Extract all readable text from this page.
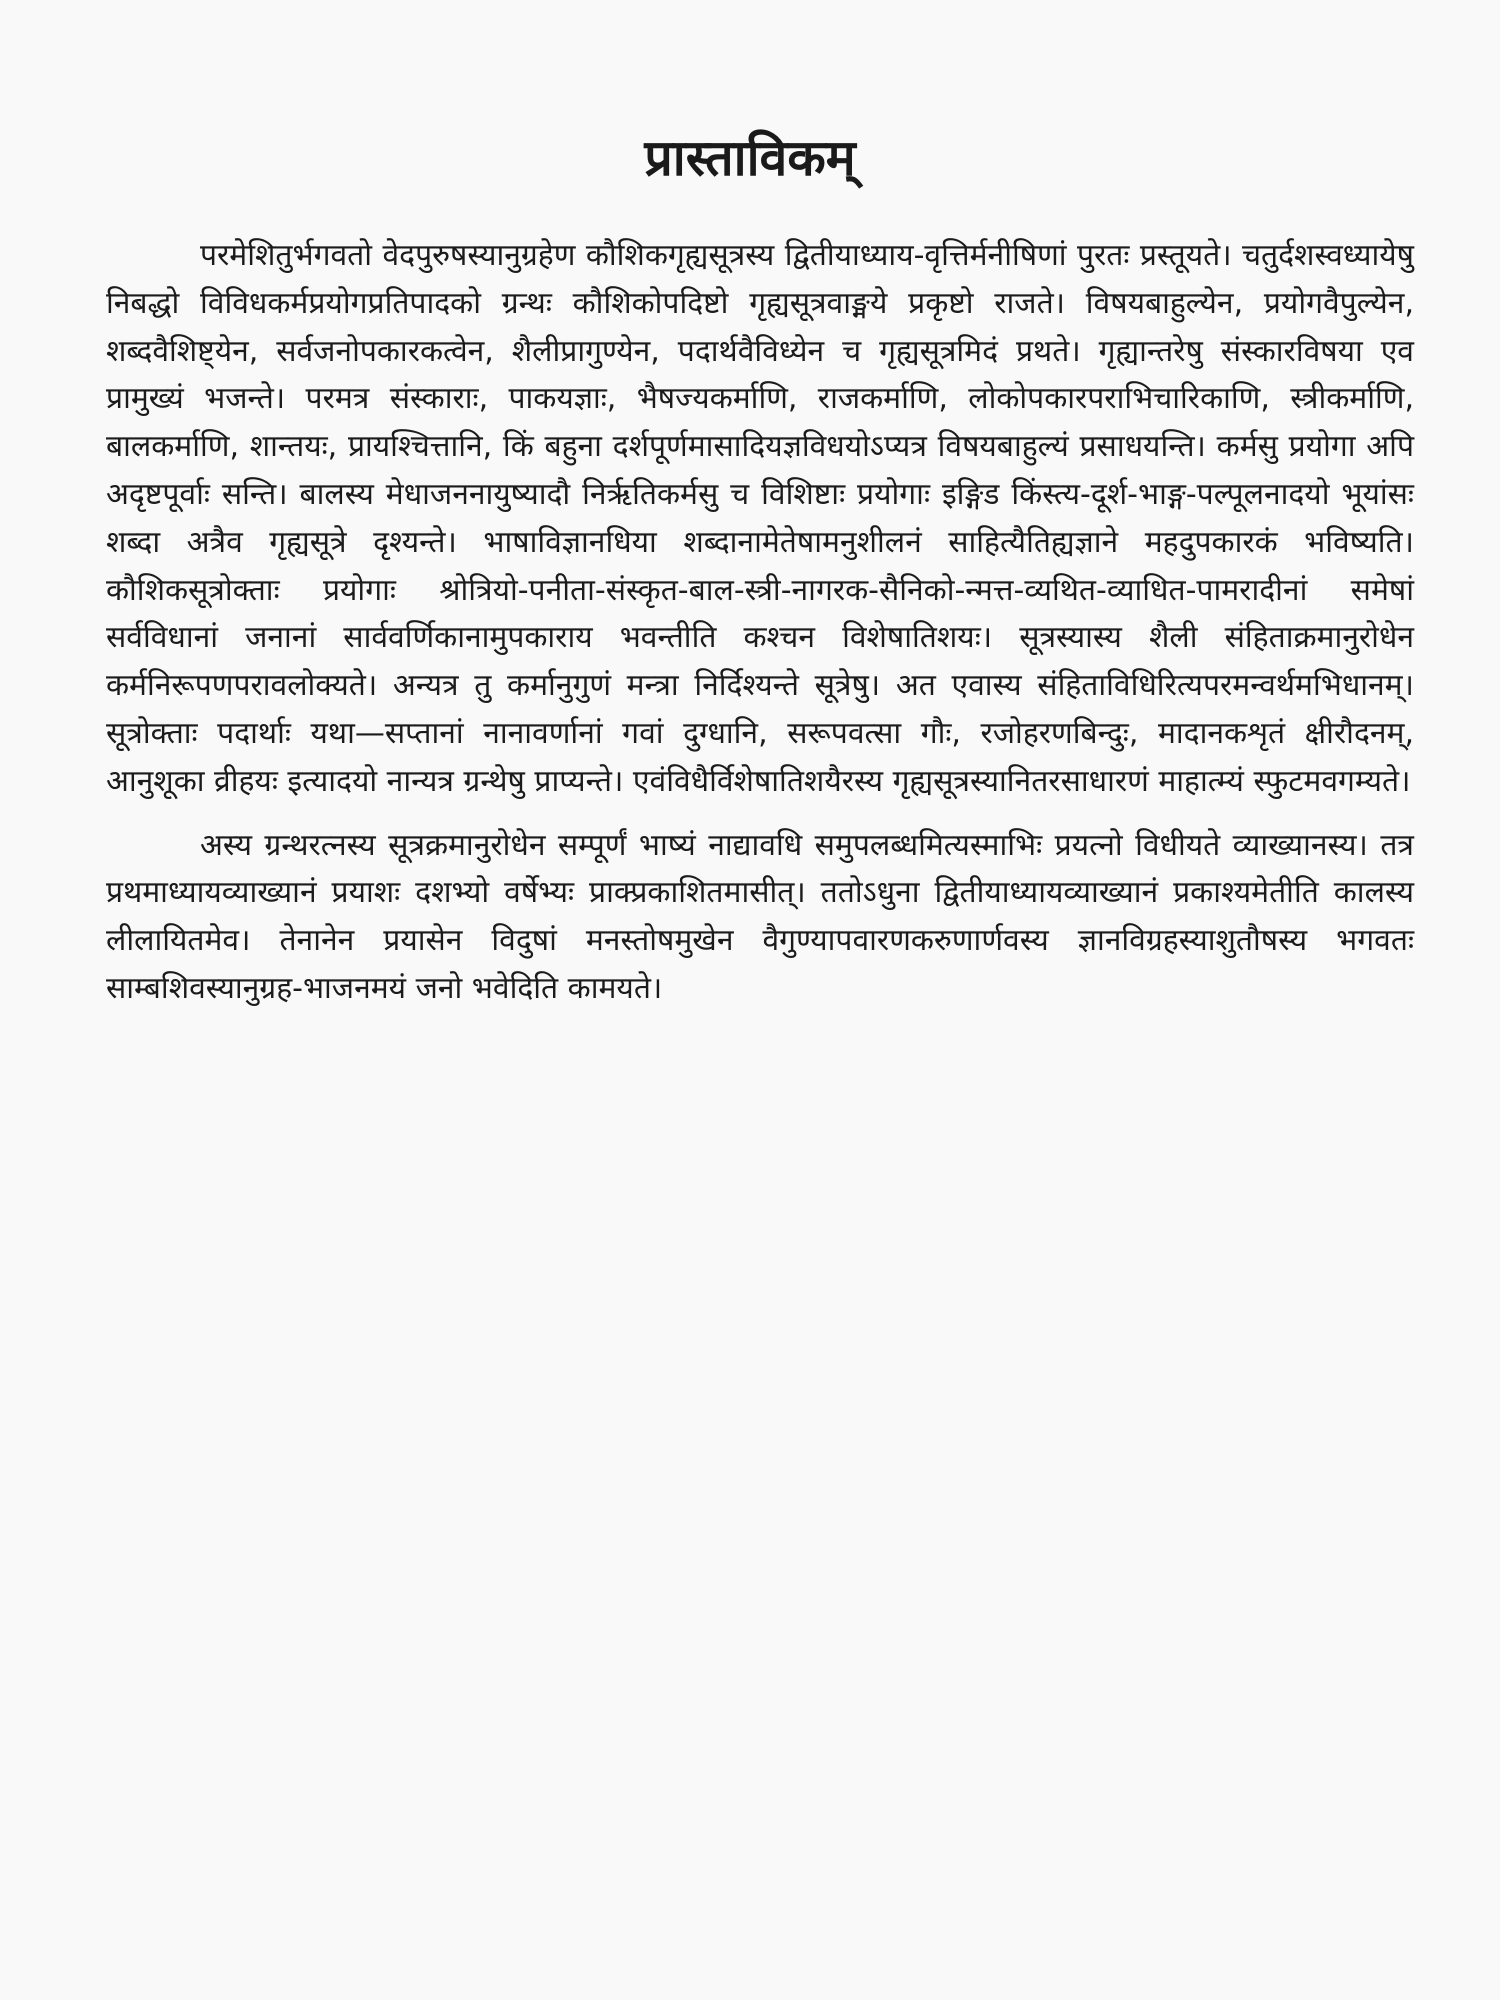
प्रास्ताविकम्

परमेशितुर्भगवतो वेदपुरुषस्यानुग्रहेण कौशिकगृह्यसूत्रस्य द्वितीयाध्याय-वृत्तिर्मनीषिणां पुरतः प्रस्तूयते। चतुर्दशस्वध्यायेषु निबद्धो विविधकर्मप्रयोगप्रतिपादको ग्रन्थः कौशिकोपदिष्टो गृह्यसूत्रवाङ्मये प्रकृष्टो राजते। विषयबाहुल्येन, प्रयोगवैपुल्येन, शब्दवैशिष्ट्येन, सर्वजनोपकारकत्वेन, शैलीप्रागुण्येन, पदार्थवैविध्येन च गृह्यसूत्रमिदं प्रथते। गृह्यान्तरेषु संस्कारविषया एव प्रामुख्यं भजन्ते। परमत्र संस्काराः, पाकयज्ञाः, भैषज्यकर्माणि, राजकर्माणि, लोकोपकारपराभिचारिकाणि, स्त्रीकर्माणि, बालकर्माणि, शान्तयः, प्रायश्चित्तानि, किं बहुना दर्शपूर्णमासादियज्ञविधयोऽप्यत्र विषयबाहुल्यं प्रसाधयन्ति। कर्मसु प्रयोगा अपि अदृष्टपूर्वाः सन्ति। बालस्य मेधाजननायुष्यादौ निर्ऋतिकर्मसु च विशिष्टाः प्रयोगाः इङ्गिड किंस्त्य-दूर्श-भाङ्ग-पल्पूलनादयो भूयांसः शब्दा अत्रैव गृह्यसूत्रे दृश्यन्ते। भाषाविज्ञानधिया शब्दानामेतेषामनुशीलनं साहित्यैतिह्यज्ञाने महदुपकारकं भविष्यति। कौशिकसूत्रोक्ताः प्रयोगाः श्रोत्रियो-पनीता-संस्कृत-बाल-स्त्री-नागरक-सैनिको-न्मत्त-व्यथित-व्याधित-पामरादीनां समेषां सर्वविधानां जनानां सार्ववर्णिकानामुपकाराय भवन्तीति कश्चन विशेषातिशयः। सूत्रस्यास्य शैली संहिताक्रमानुरोधेन कर्मनिरूपणपरावलोक्यते। अन्यत्र तु कर्मानुगुणं मन्त्रा निर्दिश्यन्ते सूत्रेषु। अत एवास्य संहिताविधिरित्यपरमन्वर्थमभिधानम्। सूत्रोक्ताः पदार्थाः यथा—सप्तानां नानावर्णानां गवां दुग्धानि, सरूपवत्सा गौः, रजोहरणबिन्दुः, मादानकशृतं क्षीरौदनम्, आनुशूका व्रीहयः इत्यादयो नान्यत्र ग्रन्थेषु प्राप्यन्ते। एवंविधैर्विशेषातिशयैरस्य गृह्यसूत्रस्यानितरसाधारणं माहात्म्यं स्फुटमवगम्यते।

अस्य ग्रन्थरत्नस्य सूत्रक्रमानुरोधेन सम्पूर्णं भाष्यं नाद्यावधि समुपलब्धमित्यस्माभिः प्रयत्नो विधीयते व्याख्यानस्य। तत्र प्रथमाध्यायव्याख्यानं प्रयाशः दशभ्यो वर्षेभ्यः प्राक्प्रकाशितमासीत्। ततोऽधुना द्वितीयाध्यायव्याख्यानं प्रकाश्यमेतीति कालस्य लीलायितमेव। तेनानेन प्रयासेन विदुषां मनस्तोषमुखेन वैगुण्यापवारणकरुणार्णवस्य ज्ञानविग्रहस्याशुतौषस्य भगवतः साम्बशिवस्यानुग्रह-भाजनमयं जनो भवेदिति कामयते।
